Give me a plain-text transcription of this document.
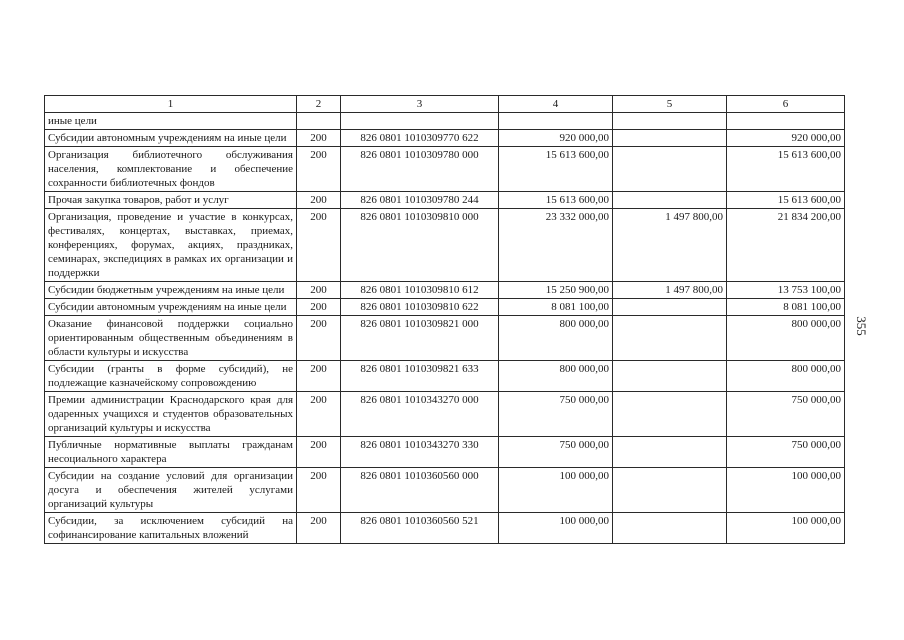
1	2	3	4	5	6
иные цели					
Субсидии автономным учреждениям на иные цели	200	826 0801 1010309770 622	920 000,00		920 000,00
Организация библиотечного обслуживания населения, комплектование и обеспечение сохранности библиотечных фондов	200	826 0801 1010309780 000	15 613 600,00		15 613 600,00
Прочая закупка товаров, работ и услуг	200	826 0801 1010309780 244	15 613 600,00		15 613 600,00
Организация, проведение и участие в конкурсах, фестивалях, концертах, выставках, приемах, конференциях, форумах, акциях, праздниках, семинарах, экспедициях в рамках их организации и поддержки	200	826 0801 1010309810 000	23 332 000,00	1 497 800,00	21 834 200,00
Субсидии бюджетным учреждениям на иные цели	200	826 0801 1010309810 612	15 250 900,00	1 497 800,00	13 753 100,00
Субсидии автономным учреждениям на иные цели	200	826 0801 1010309810 622	8 081 100,00		8 081 100,00
Оказание финансовой поддержки социально ориентированным общественным объединениям в области культуры и искусства	200	826 0801 1010309821 000	800 000,00		800 000,00
Субсидии (гранты в форме субсидий), не подлежащие казначейскому сопровождению	200	826 0801 1010309821 633	800 000,00		800 000,00
Премии администрации Краснодарского края для одаренных учащихся и студентов образовательных организаций культуры и искусства	200	826 0801 1010343270 000	750 000,00		750 000,00
Публичные нормативные выплаты гражданам несоциального характера	200	826 0801 1010343270 330	750 000,00		750 000,00
Субсидии на создание условий для организации досуга и обеспечения жителей услугами организаций культуры	200	826 0801 1010360560 000	100 000,00		100 000,00
Субсидии, за исключением субсидий на софинансирование капитальных вложений	200	826 0801 1010360560 521	100 000,00		100 000,00
355
